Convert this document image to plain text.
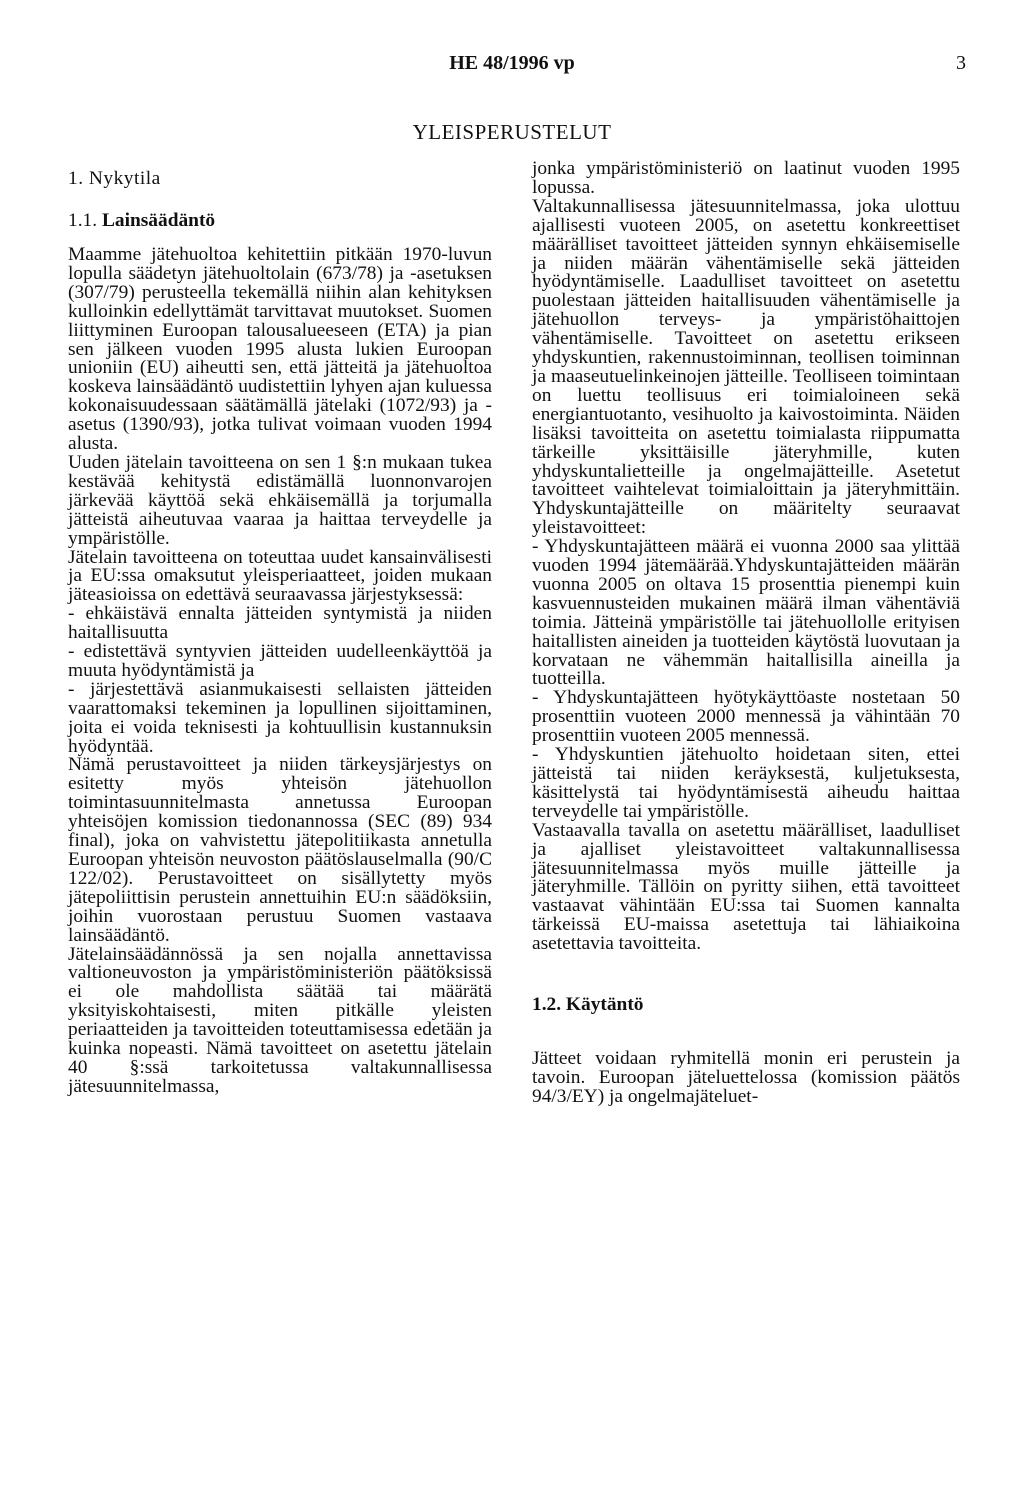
HE 48/1996 vp	3
YLEISPERUSTELUT
1. Nykytila
1.1. Lainsäädäntö

Maamme jätehuoltoa kehitettiin pitkään 1970-luvun lopulla säädetyn jätehuoltolain (673/78) ja -asetuksen (307/79) perusteella tekemällä niihin alan kehityksen kulloinkin edellyttämät tarvittavat muutokset. Suomen liittyminen Euroopan talousalueeseen (ETA) ja pian sen jälkeen vuoden 1995 alusta lukien Euroopan unioniin (EU) aiheutti sen, että jätteitä ja jätehuoltoa koskeva lainsäädäntö uudistettiin lyhyen ajan kuluessa kokonaisuudessaan säätämällä jätelaki (1072/93) ja -asetus (1390/93), jotka tulivat voimaan vuoden 1994 alusta.

Uuden jätelain tavoitteena on sen 1 §:n mukaan tukea kestävää kehitystä edistämällä luonnonvarojen järkevää käyttöä sekä ehkäisemällä ja torjumalla jätteistä aiheutuvaa vaaraa ja haittaa terveydelle ja ympäristölle.

Jätelain tavoitteena on toteuttaa uudet kansainvälisesti ja EU:ssa omaksutut yleisperiaatteet, joiden mukaan jäteasioissa on edettävä seuraavassa järjestyksessä:

- ehkäistävä ennalta jätteiden syntymistä ja niiden haitallisuutta

- edistettävä syntyvien jätteiden uudelleenkäyttöä ja muuta hyödyntämistä ja

- järjestettävä asianmukaisesti sellaisten jätteiden vaarattomaksi tekeminen ja lopullinen sijoittaminen, joita ei voida teknisesti ja kohtuullisin kustannuksin hyödyntää.

Nämä perustavoitteet ja niiden tärkeysjärjestys on esitetty myös yhteisön jätehuollon toimintasuunnitelmasta annetussa Euroopan yhteisöjen komission tiedonannossa (SEC (89) 934 final), joka on vahvistettu jätepolitiikasta annetulla Euroopan yhteisön neuvoston päätöslauselmalla (90/C 122/02). Perustavoitteet on sisällytetty myös jätepoliittisin perustein annettuihin EU:n säädöksiin, joihin vuorostaan perustuu Suomen vastaava lainsäädäntö.

Jätelainsäädännössä ja sen nojalla annettavissa valtioneuvoston ja ympäristöministeriön päätöksissä ei ole mahdollista säätää tai määrätä yksityiskohtaisesti, miten pitkälle yleisten periaatteiden ja tavoitteiden toteuttamisessa edetään ja kuinka nopeasti. Nämä tavoitteet on asetettu jätelain 40 §:ssä tarkoitetussa valtakunnallisessa jätesuunnitelmassa,

jonka ympäristöministeriö on laatinut vuoden 1995 lopussa.

Valtakunnallisessa jätesuunnitelmassa, joka ulottuu ajallisesti vuoteen 2005, on asetettu konkreettiset määrälliset tavoitteet jätteiden synnyn ehkäisemiselle ja niiden määrän vähentämiselle sekä jätteiden hyödyntämiselle. Laadulliset tavoitteet on asetettu puolestaan jätteiden haitallisuuden vähentämiselle ja jätehuollon terveys- ja ympäristöhaittojen vähentämiselle. Tavoitteet on asetettu erikseen yhdyskuntien, rakennustoiminnan, teollisen toiminnan ja maaseutuelinkeinojen jätteille. Teolliseen toimintaan on luettu teollisuus eri toimialoineen sekä energiantuotanto, vesihuolto ja kaivostoiminta. Näiden lisäksi tavoitteita on asetettu toimialasta riippumatta tärkeille yksittäisille jäteryhmille, kuten yhdyskuntalietteille ja ongelmajätteille. Asetetut tavoitteet vaihtelevat toimialoittain ja jäteryhmittäin. Yhdyskuntajätteille on määritelty seuraavat yleistavoitteet:

- Yhdyskuntajätteen määrä ei vuonna 2000 saa ylittää vuoden 1994 jätemäärää.Yhdyskuntajätteiden määrän vuonna 2005 on oltava 15 prosenttia pienempi kuin kasvuennusteiden mukainen määrä ilman vähentäviä toimia. Jätteinä ympäristölle tai jätehuollolle erityisen haitallisten aineiden ja tuotteiden käytöstä luovutaan ja korvataan ne vähemmän haitallisilla aineilla ja tuotteilla.

- Yhdyskuntajätteen hyötykäyttöaste nostetaan 50 prosenttiin vuoteen 2000 mennessä ja vähintään 70 prosenttiin vuoteen 2005 mennessä.

- Yhdyskuntien jätehuolto hoidetaan siten, ettei jätteistä tai niiden keräyksestä, kuljetuksesta, käsittelystä tai hyödyntämisestä aiheudu haittaa terveydelle tai ympäristölle.

Vastaavalla tavalla on asetettu määrälliset, laadulliset ja ajalliset yleistavoitteet valtakunnallisessa jätesuunnitelmassa myös muille jätteille ja jäteryhmille. Tällöin on pyritty siihen, että tavoitteet vastaavat vähintään EU:ssa tai Suomen kannalta tärkeissä EU-maissa asetettuja tai lähiaikoina asetettavia tavoitteita.

1.2. Käytäntö

Jätteet voidaan ryhmitellä monin eri perustein ja tavoin. Euroopan jäteluettelossa (komission päätös 94/3/EY) ja ongelmajäteluet-
